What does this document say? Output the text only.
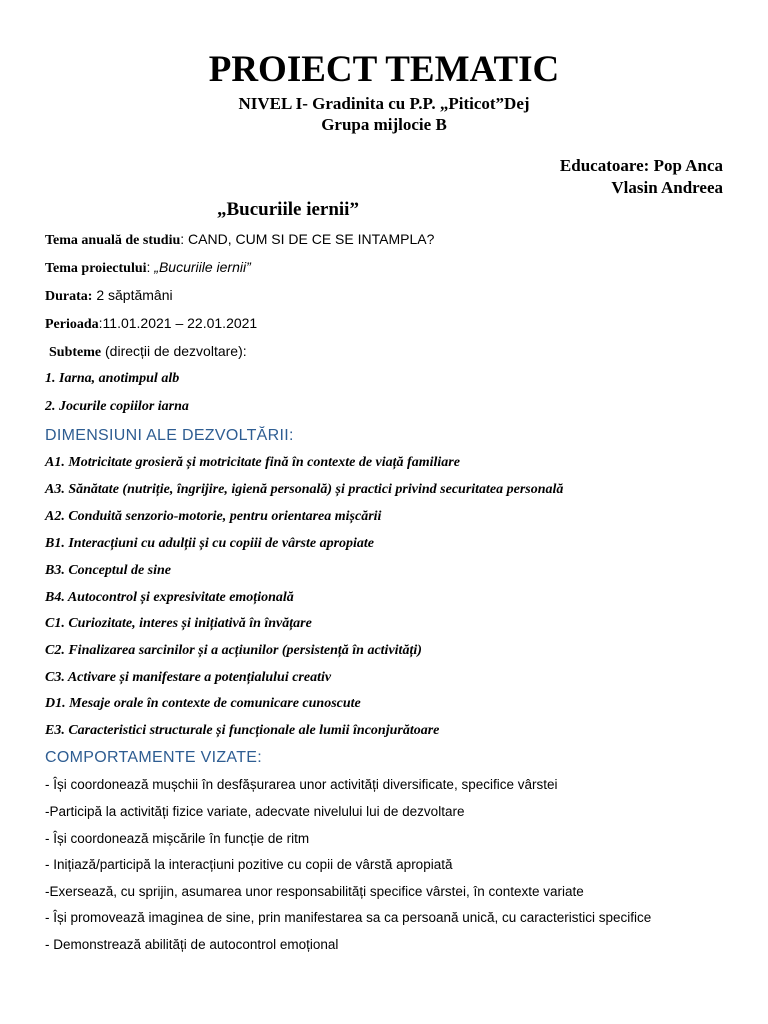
PROIECT TEMATIC

NIVEL I- Gradinita cu P.P. „Piticot”Dej

Grupa mijlocie B

Educatoare: Pop Anca

Vlasin Andreea

„Bucuriile iernii”

Tema anuală de studiu: CAND, CUM SI DE CE SE INTAMPLA?

Tema proiectului: „Bucuriile iernii”

Durata: 2 săptămâni

Perioada:11.01.2021 – 22.01.2021

Subteme (direcții de dezvoltare):

1. Iarna, anotimpul alb

2. Jocurile copiilor iarna

DIMENSIUNI ALE DEZVOLTĂRII:

A1. Motricitate grosieră și motricitate fină în contexte de viață familiare

A3. Sănătate (nutriție, îngrijire, igienă personală) și practici privind securitatea personală

A2. Conduită senzorio-motorie, pentru orientarea mișcării

B1. Interacțiuni cu adulții și cu copiii de vârste apropiate

B3. Conceptul de sine

B4. Autocontrol și expresivitate emoțională

C1. Curiozitate, interes și inițiativă în învățare

C2. Finalizarea sarcinilor și a acțiunilor (persistență în activități)

C3. Activare și manifestare a potențialului creativ

D1. Mesaje orale în contexte de comunicare cunoscute

E3. Caracteristici structurale și funcționale ale lumii înconjurătoare

COMPORTAMENTE VIZATE:

- Își coordonează mușchii în desfășurarea unor activități diversificate, specifice vârstei

-Participă la activități fizice variate, adecvate nivelului lui de dezvoltare

- Își coordonează mișcările în funcție de ritm

- Inițiază/participă la interacțiuni pozitive cu copii de vârstă apropiată

-Exersează, cu sprijin, asumarea unor responsabilități specifice vârstei, în contexte variate

- Își promovează imaginea de sine, prin manifestarea sa ca persoană unică, cu caracteristici specifice

- Demonstrează abilități de autocontrol emoțional
